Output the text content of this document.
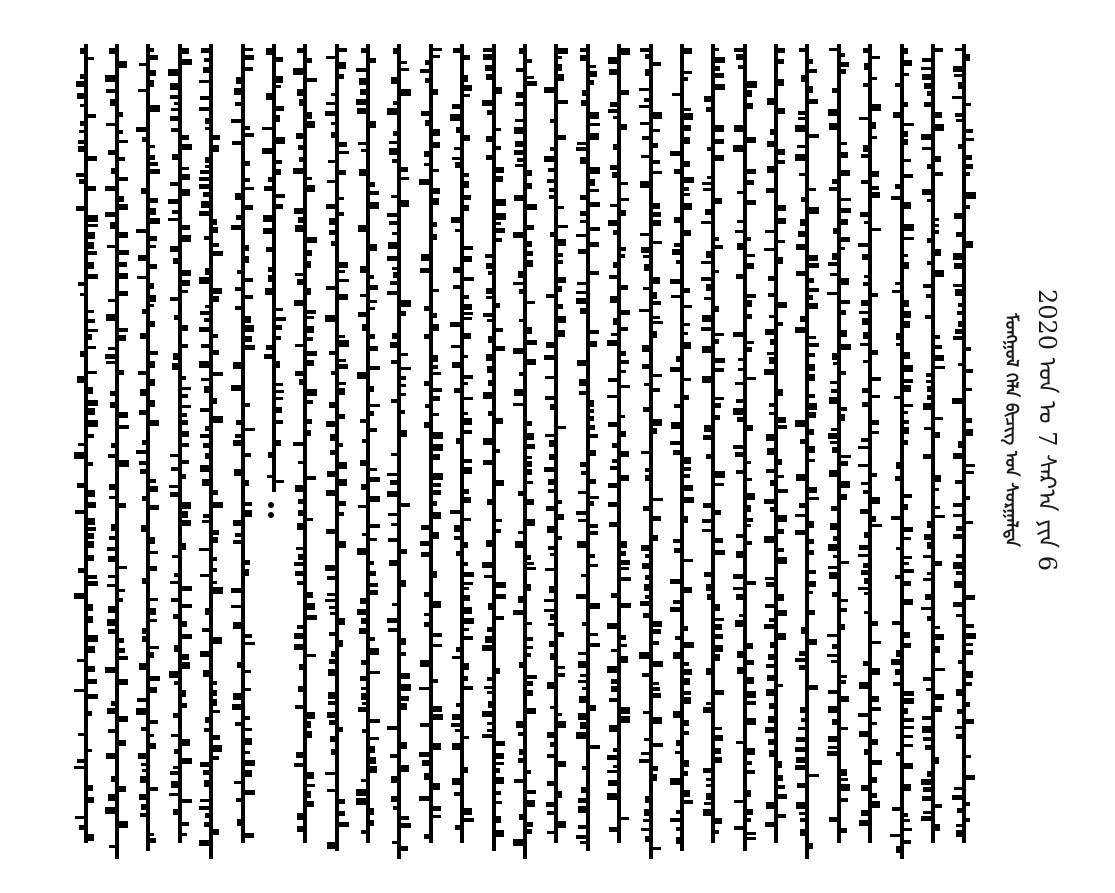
2020 ᠤᠨ ᠤ 7 ᠰᠠᠷ᠎ᠠ ᠶᠢᠨ 6
ᠮᠣᠩᠭᠣᠯ ᠬᠡᠯᠡ ᠪᠢᠴᠢᠭ ᠤᠨ ᠰᠤᠷᠭᠠᠯᠲᠠ
